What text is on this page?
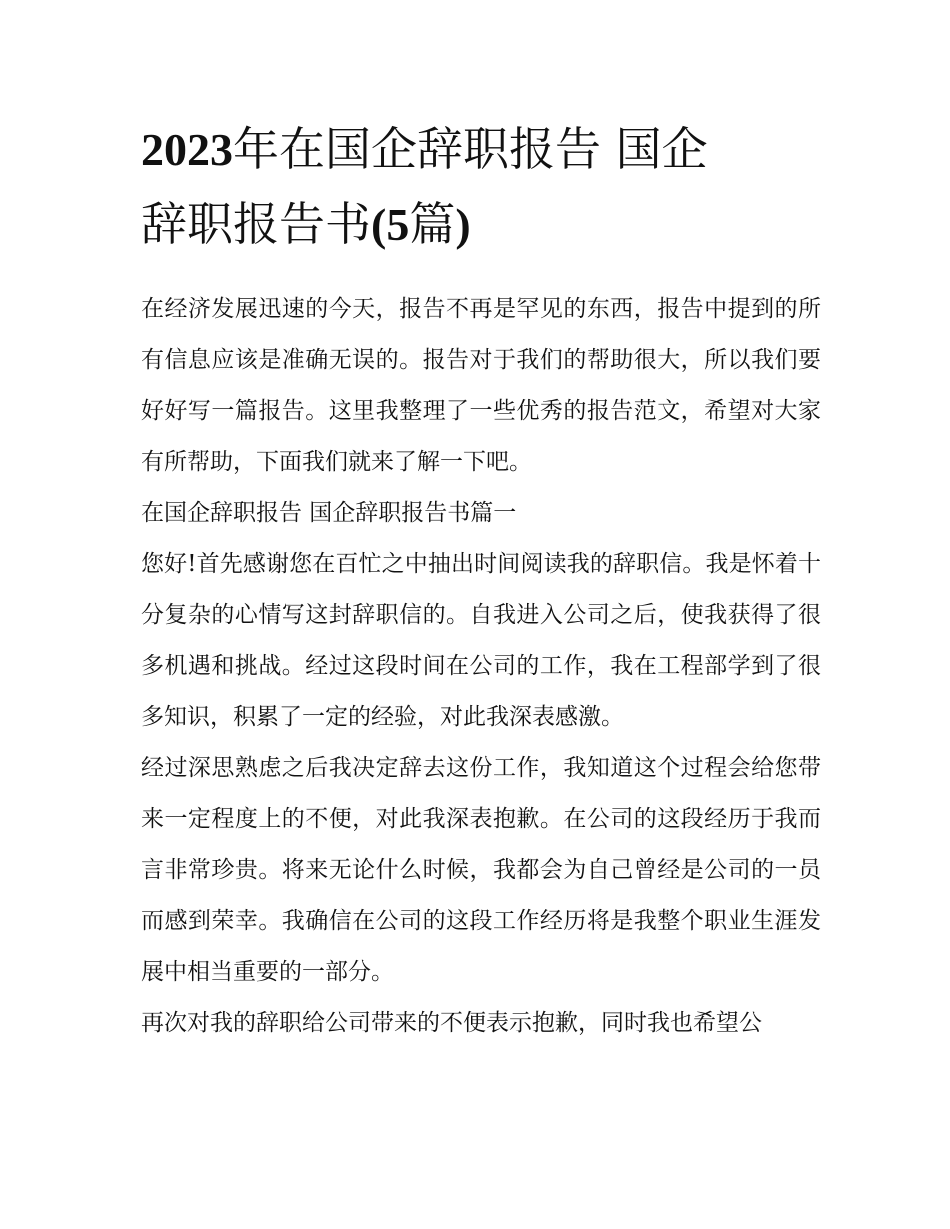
2023年在国企辞职报告 国企
辞职报告书(5篇)

在经济发展迅速的今天，报告不再是罕见的东西，报告中提到的所有信息应该是准确无误的。报告对于我们的帮助很大，所以我们要好好写一篇报告。这里我整理了一些优秀的报告范文，希望对大家有所帮助，下面我们就来了解一下吧。

在国企辞职报告 国企辞职报告书篇一

您好!首先感谢您在百忙之中抽出时间阅读我的辞职信。我是怀着十分复杂的心情写这封辞职信的。自我进入公司之后，使我获得了很多机遇和挑战。经过这段时间在公司的工作，我在工程部学到了很多知识，积累了一定的经验，对此我深表感激。

经过深思熟虑之后我决定辞去这份工作，我知道这个过程会给您带来一定程度上的不便，对此我深表抱歉。在公司的这段经历于我而言非常珍贵。将来无论什么时候，我都会为自己曾经是公司的一员而感到荣幸。我确信在公司的这段工作经历将是我整个职业生涯发展中相当重要的一部分。

再次对我的辞职给公司带来的不便表示抱歉，同时我也希望公
